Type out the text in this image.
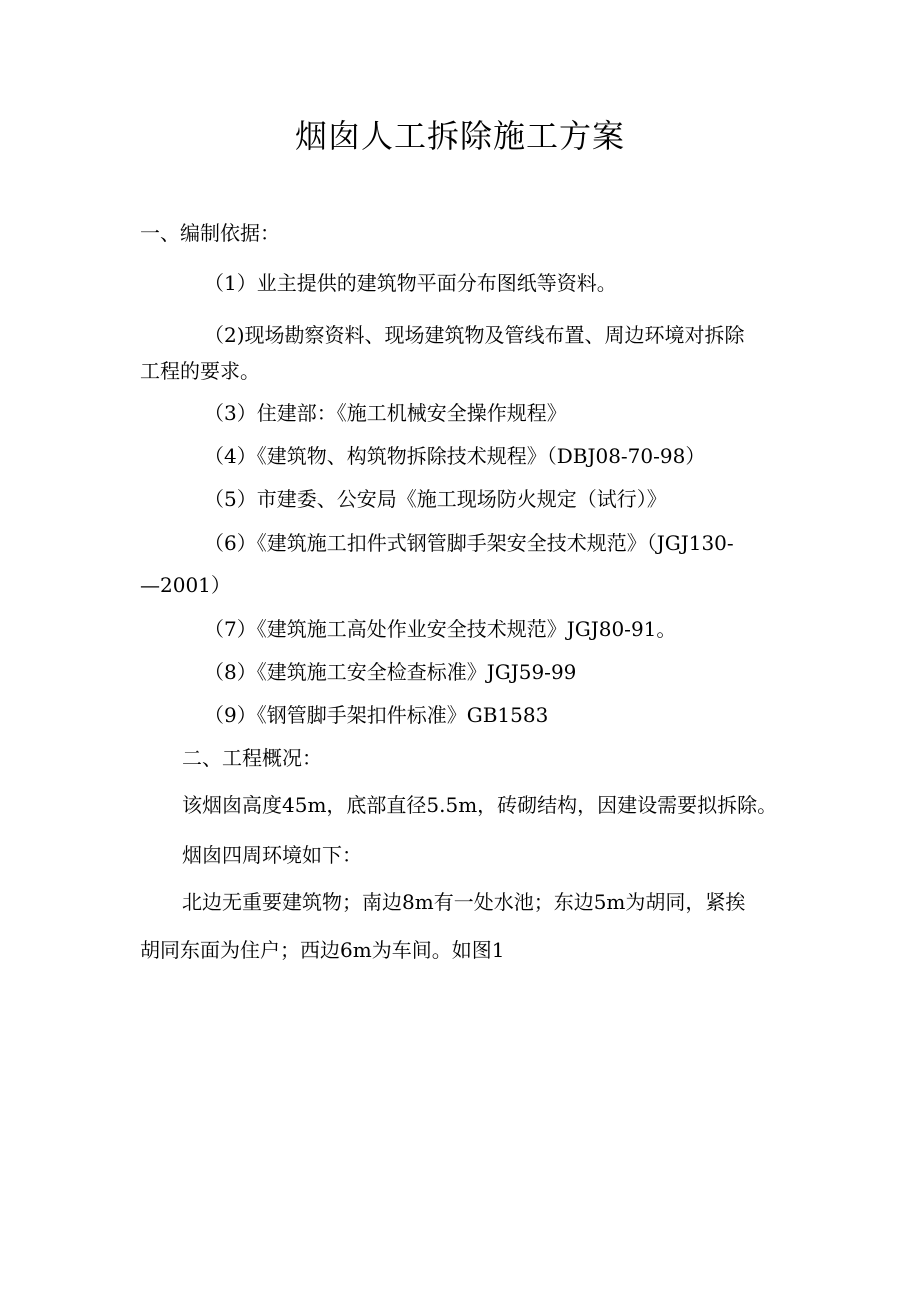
烟囱人工拆除施工方案
一、编制依据：
（1）业主提供的建筑物平面分布图纸等资料。
（2)现场勘察资料、现场建筑物及管线布置、周边环境对拆除
工程的要求。
（3）住建部：《施工机械安全操作规程》
（4）《建筑物、构筑物拆除技术规程》（DBJ08-70-98）
（5）市建委、公安局《施工现场防火规定（试行）》
（6）《建筑施工扣件式钢管脚手架安全技术规范》（JGJ130-
—2001）
（7）《建筑施工高处作业安全技术规范》JGJ80-91。
（8）《建筑施工安全检查标准》JGJ59-99
（9）《钢管脚手架扣件标准》GB1583
二、工程概况：
该烟囱高度45m，底部直径5.5m，砖砌结构，因建设需要拟拆除。
烟囱四周环境如下：
北边无重要建筑物；南边8m有一处水池；东边5m为胡同，紧挨
胡同东面为住户；西边6m为车间。如图1
